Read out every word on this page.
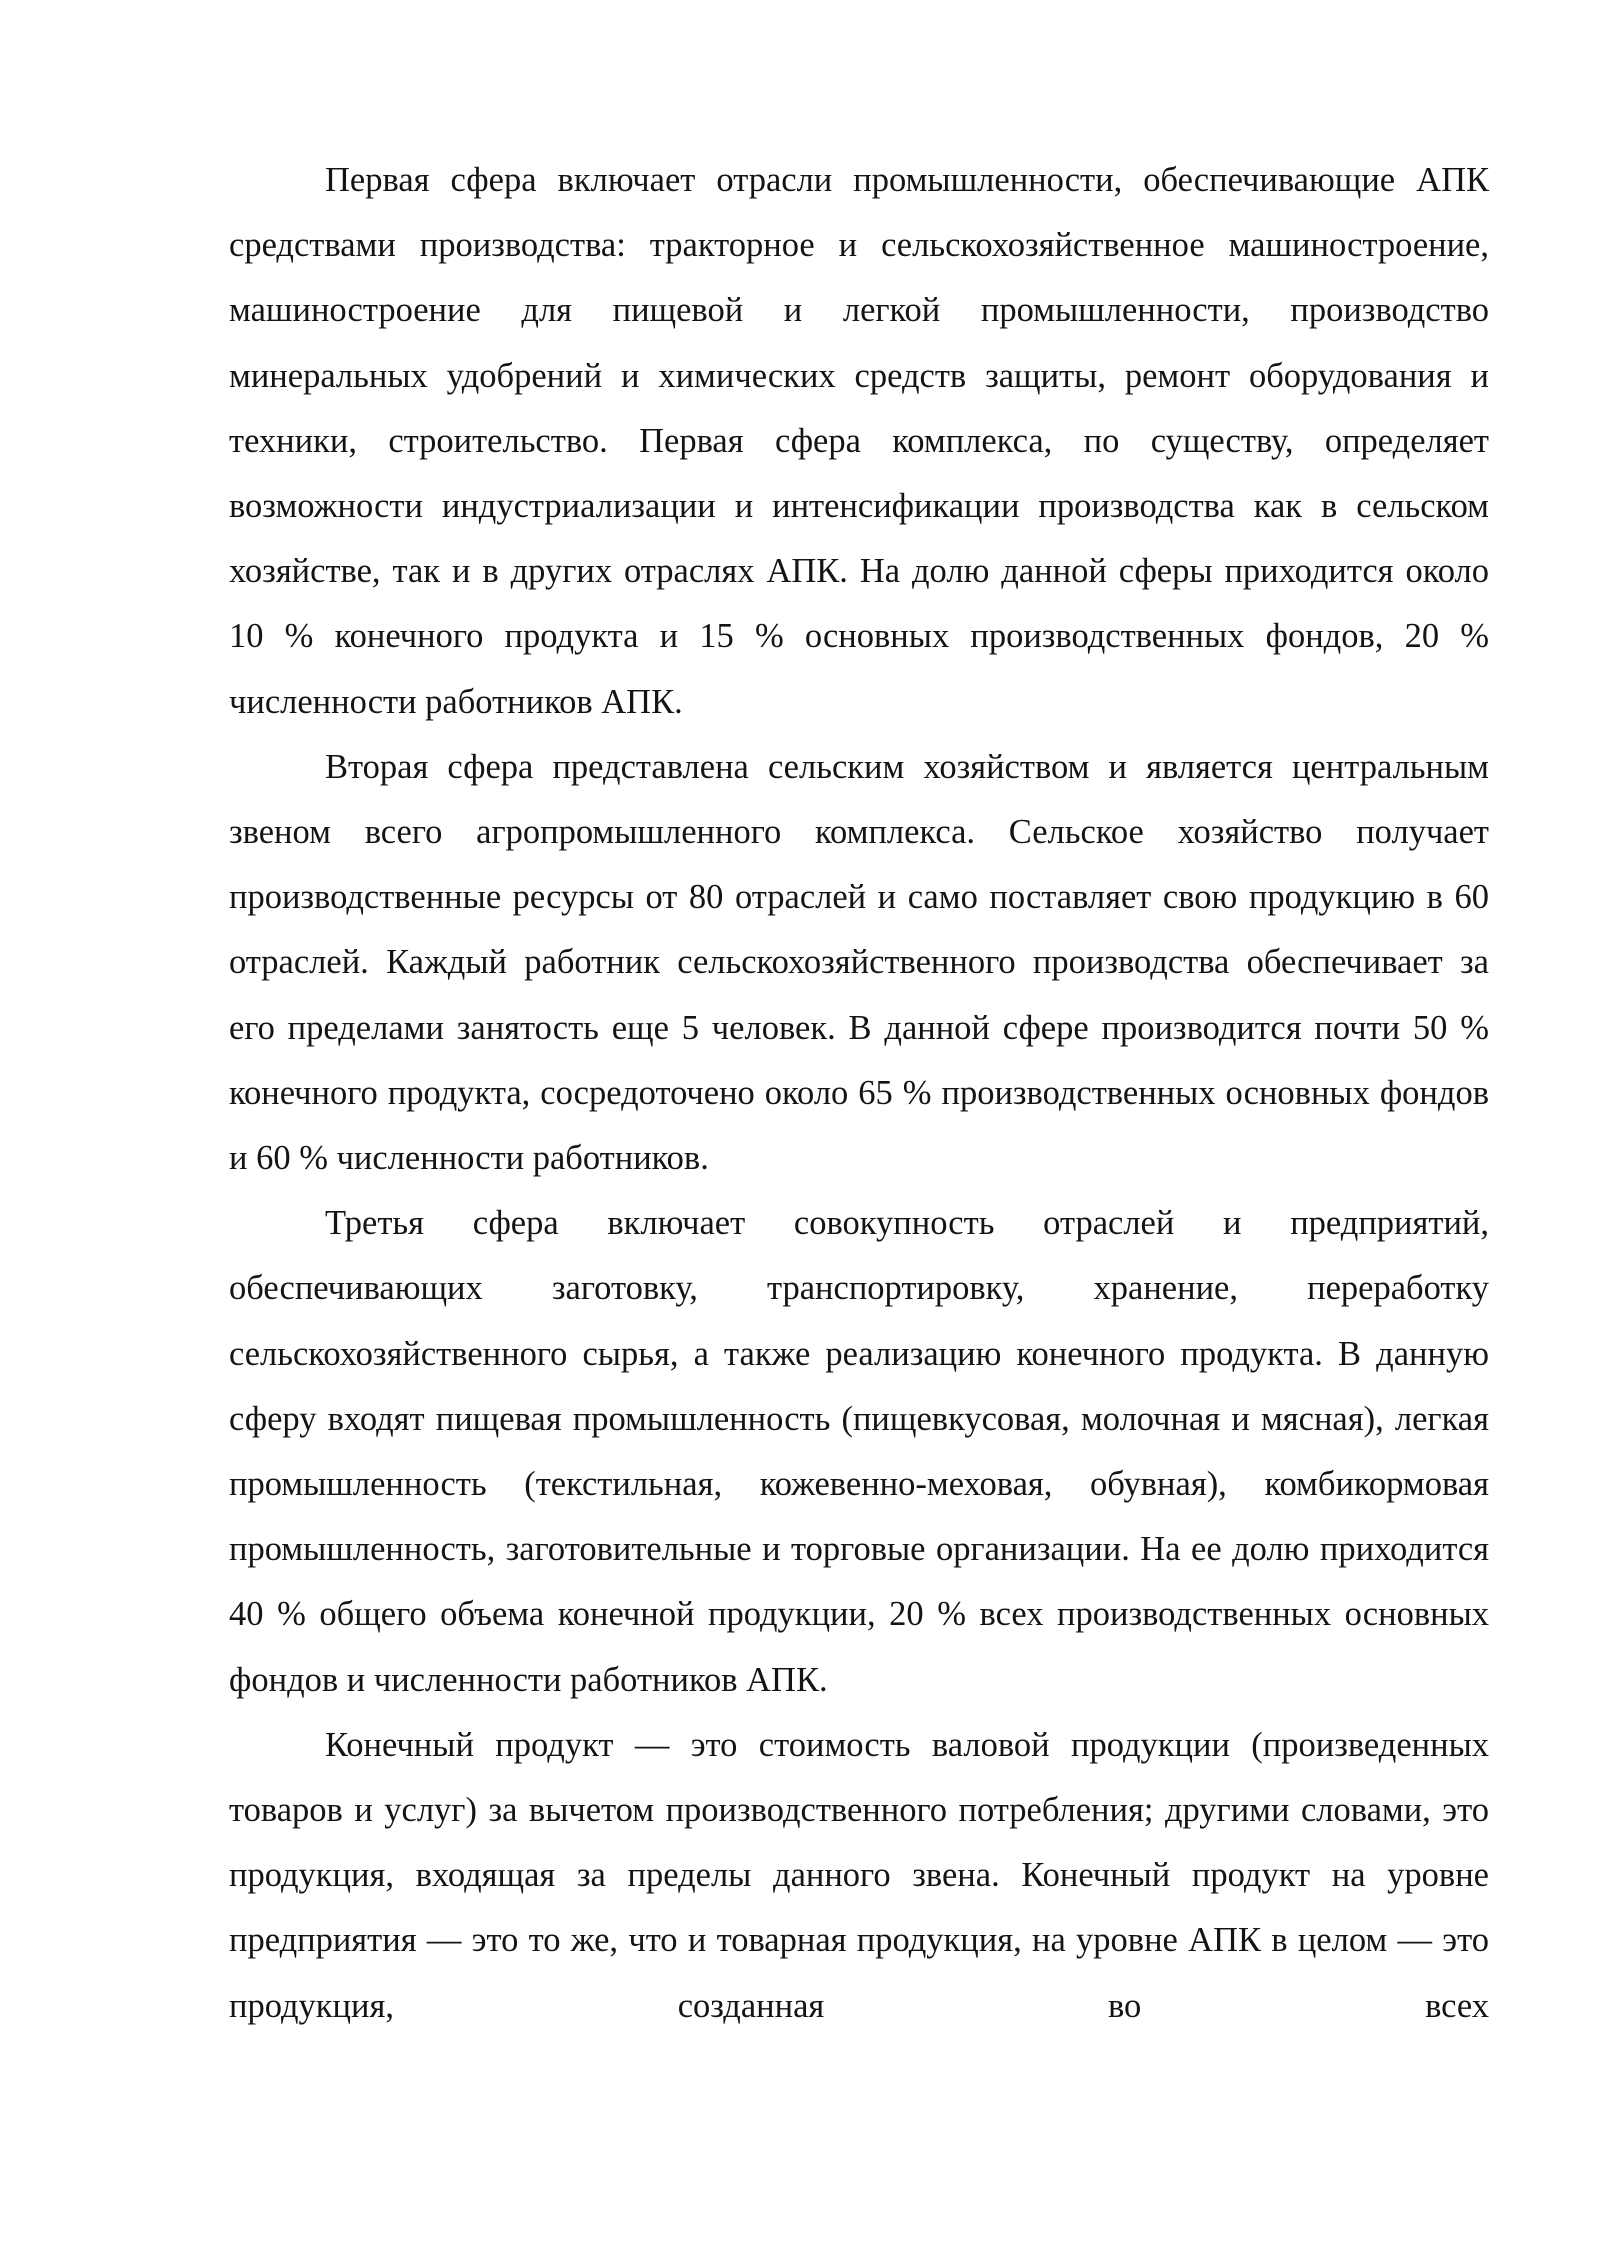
Первая сфера включает отрасли промышленности, обеспечивающие АПК средствами производства: тракторное и сельскохозяйственное машиностроение, машиностроение для пищевой и легкой промышленности, производство минеральных удобрений и химических средств защиты, ремонт оборудования и техники, строительство. Первая сфера комплекса, по существу, определяет возможности индустриализации и интенсификации производства как в сельском хозяйстве, так и в других отраслях АПК. На долю данной сферы приходится около 10 % конечного продукта и 15 % основных производственных фондов, 20 % численности работников АПК.

Вторая сфера представлена сельским хозяйством и является центральным звеном всего агропромышленного комплекса. Сельское хозяйство получает производственные ресурсы от 80 отраслей и само поставляет свою продукцию в 60 отраслей. Каждый работник сельскохозяйственного производства обеспечивает за его пределами занятость еще 5 человек. В данной сфере производится почти 50 % конечного продукта, сосредоточено около 65 % производственных основных фондов и 60 % численности работников.

Третья сфера включает совокупность отраслей и предприятий, обеспечивающих заготовку, транспортировку, хранение, переработку сельскохозяйственного сырья, а также реализацию конечного продукта. В данную сферу входят пищевая промышленность (пищевкусовая, молочная и мясная), легкая промышленность (текстильная, кожевенно-меховая, обувная), комбикормовая промышленность, заготовительные и торговые организации. На ее долю приходится 40 % общего объема конечной продукции, 20 % всех производственных основных фондов и численности работников АПК.

Конечный продукт — это стоимость валовой продукции (произведенных товаров и услуг) за вычетом производственного потребления; другими словами, это продукция, входящая за пределы данного звена. Конечный продукт на уровне предприятия — это то же, что и товарная продукция, на уровне АПК в целом — это продукция, созданная во всех
